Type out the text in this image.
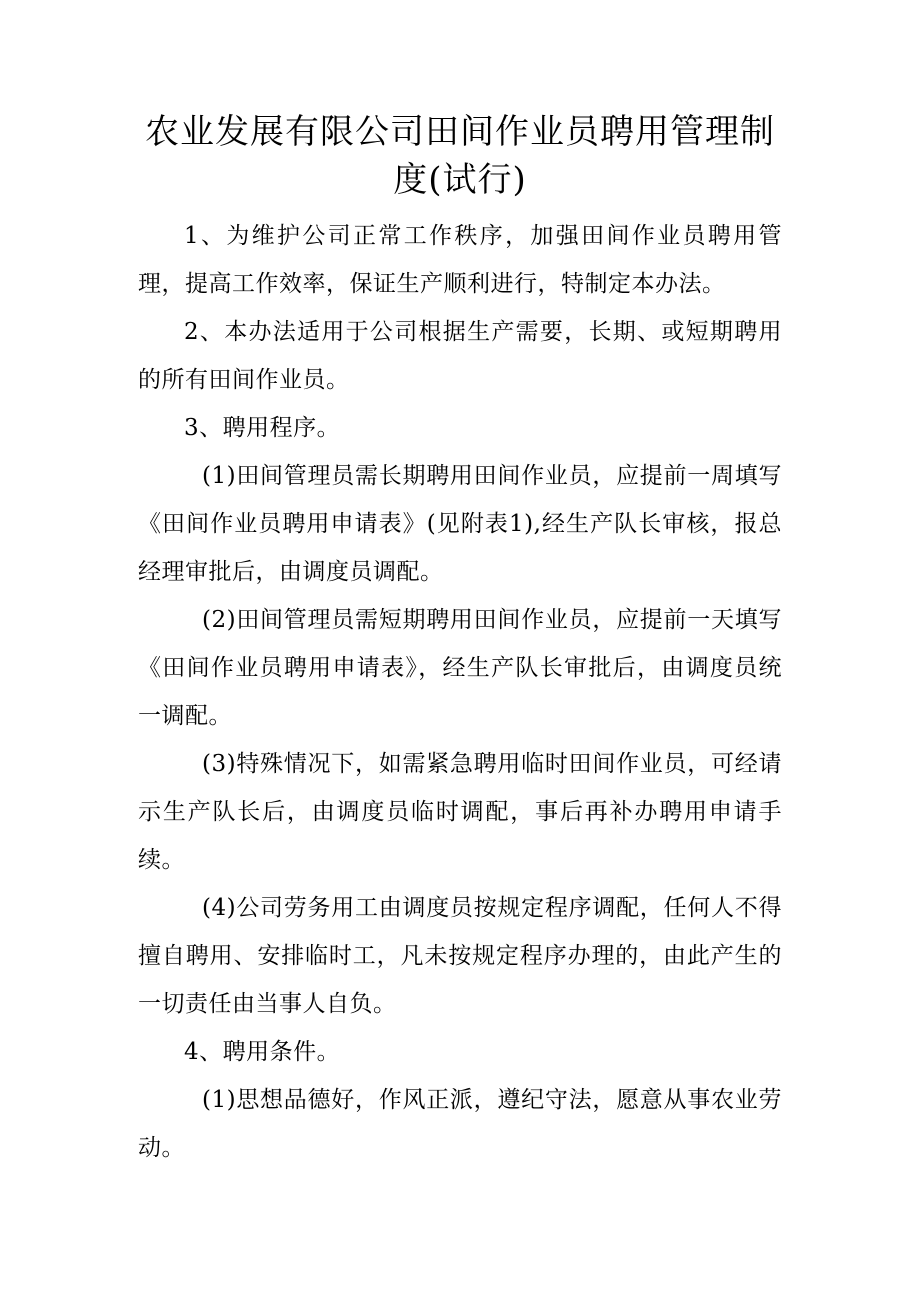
农业发展有限公司田间作业员聘用管理制
度(试行)

1、为维护公司正常工作秩序，加强田间作业员聘用管理，提高工作效率，保证生产顺利进行，特制定本办法。

2、本办法适用于公司根据生产需要，长期、或短期聘用的所有田间作业员。

3、聘用程序。

(1)田间管理员需长期聘用田间作业员，应提前一周填写《田间作业员聘用申请表》(见附表1),经生产队长审核，报总经理审批后，由调度员调配。

(2)田间管理员需短期聘用田间作业员，应提前一天填写《田间作业员聘用申请表》，经生产队长审批后，由调度员统一调配。

(3)特殊情况下，如需紧急聘用临时田间作业员，可经请示生产队长后，由调度员临时调配，事后再补办聘用申请手续。

(4)公司劳务用工由调度员按规定程序调配，任何人不得擅自聘用、安排临时工，凡未按规定程序办理的，由此产生的一切责任由当事人自负。

4、聘用条件。

(1)思想品德好，作风正派，遵纪守法，愿意从事农业劳动。
